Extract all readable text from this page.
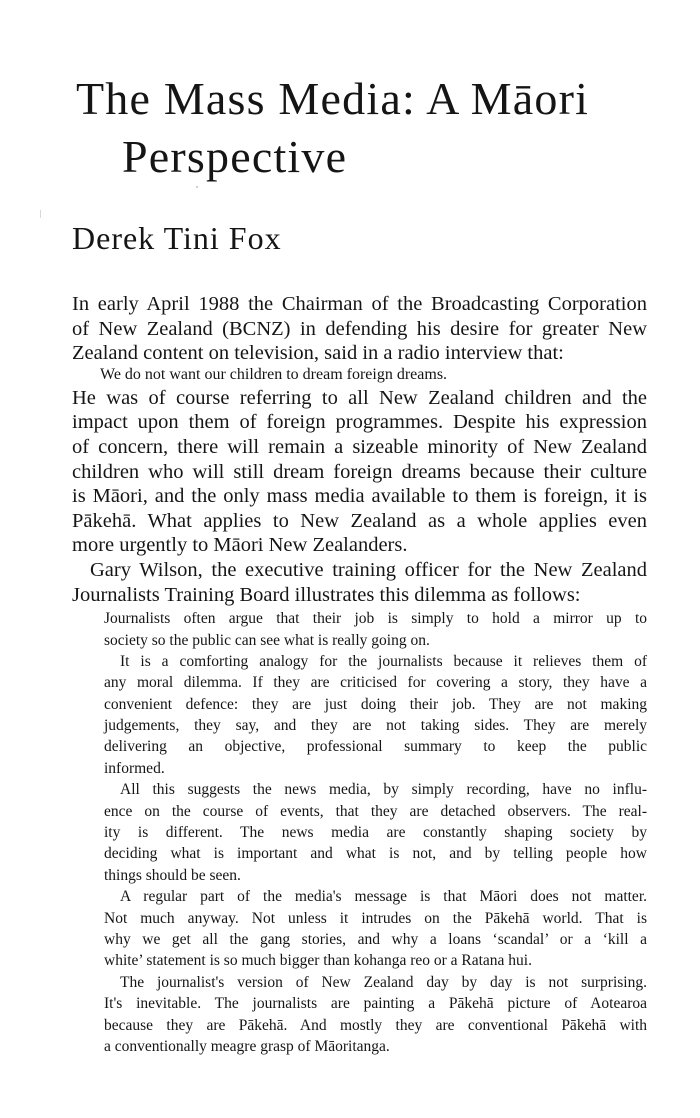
The Mass Media: A Māori
Perspective
Derek Tini Fox
In early April 1988 the Chairman of the Broadcasting Corporation
of New Zealand (BCNZ) in defending his desire for greater New
Zealand content on television, said in a radio interview that:
We do not want our children to dream foreign dreams.
He was of course referring to all New Zealand children and the
impact upon them of foreign programmes. Despite his expression
of concern, there will remain a sizeable minority of New Zealand
children who will still dream foreign dreams because their culture
is Māori, and the only mass media available to them is foreign, it is
Pākehā. What applies to New Zealand as a whole applies even
more urgently to Māori New Zealanders.
Gary Wilson, the executive training officer for the New Zealand
Journalists Training Board illustrates this dilemma as follows:
Journalists often argue that their job is simply to hold a mirror up to
society so the public can see what is really going on.
It is a comforting analogy for the journalists because it relieves them of
any moral dilemma. If they are criticised for covering a story, they have a
convenient defence: they are just doing their job. They are not making
judgements, they say, and they are not taking sides. They are merely
delivering an objective, professional summary to keep the public
informed.
All this suggests the news media, by simply recording, have no influ-
ence on the course of events, that they are detached observers. The real-
ity is different. The news media are constantly shaping society by
deciding what is important and what is not, and by telling people how
things should be seen.
A regular part of the media's message is that Māori does not matter.
Not much anyway. Not unless it intrudes on the Pākehā world. That is
why we get all the gang stories, and why a loans ‘scandal’ or a ‘kill a
white’ statement is so much bigger than kohanga reo or a Ratana hui.
The journalist's version of New Zealand day by day is not surprising.
It's inevitable. The journalists are painting a Pākehā picture of Aotearoa
because they are Pākehā. And mostly they are conventional Pākehā with
a conventionally meagre grasp of Māoritanga.
